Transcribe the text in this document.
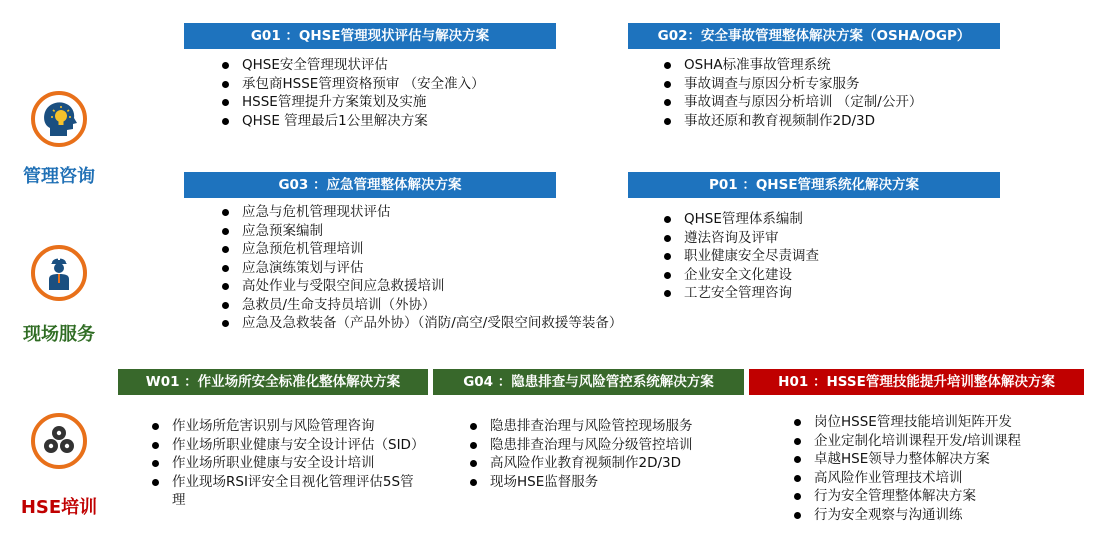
管理咨询
现场服务
HSE培训
G01 ：QHSE管理现状评估与解决方案
QHSE安全管理现状评估
承包商HSSE管理资格预审 （安全准入）
HSSE管理提升方案策划及实施
QHSE 管理最后1公里解决方案
G02：安全事故管理整体解决方案（OSHA/OGP）
OSHA标准事故管理系统
事故调查与原因分析专家服务
事故调查与原因分析培训 （定制/公开）
事故还原和教育视频制作2D/3D
G03 ：应急管理整体解决方案
应急与危机管理现状评估
应急预案编制
应急预危机管理培训
应急演练策划与评估
高处作业与受限空间应急救援培训
急救员/生命支持员培训（外协）
应急及急救装备（产品外协）（消防/高空/受限空间救援等装备）
P01 ：QHSE管理系统化解决方案
QHSE管理体系编制
遵法咨询及评审
职业健康安全尽责调查
企业安全文化建设
工艺安全管理咨询
W01 ：作业场所安全标准化整体解决方案
作业场所危害识别与风险管理咨询
作业场所职业健康与安全设计评估（SID）
作业场所职业健康与安全设计培训
作业现场RSI评安全目视化管理评估5S管理
G04 ：隐患排查与风险管控系统解决方案
隐患排查治理与风险管控现场服务
隐患排查治理与风险分级管控培训
高风险作业教育视频制作2D/3D
现场HSE监督服务
H01 ：HSSE管理技能提升培训整体解决方案
岗位HSSE管理技能培训矩阵开发
企业定制化培训课程开发/培训课程
卓越HSE领导力整体解决方案
高风险作业管理技术培训
行为安全管理整体解决方案
行为安全观察与沟通训练
